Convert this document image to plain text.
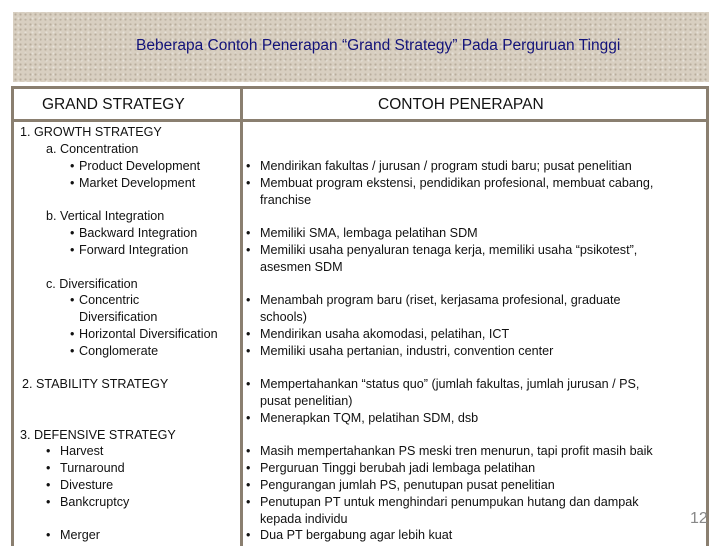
Beberapa Contoh Penerapan “Grand Strategy” Pada Perguruan Tinggi
GRAND STRATEGY	CONTOH PENERAPAN
1. GROWTH STRATEGY
a. Concentration
• Product Development
• Market Development
b. Vertical Integration
• Backward Integration
• Forward Integration
c. Diversification
• Concentric
Diversification
• Horizontal Diversification
• Conglomerate
2. STABILITY STRATEGY
3. DEFENSIVE STRATEGY
• Harvest
• Turnaround
• Divesture
• Bankcruptcy
• Merger
• Mendirikan fakultas / jurusan / program studi baru; pusat penelitian
• Membuat program ekstensi, pendidikan profesional, membuat cabang,
franchise
• Memiliki SMA, lembaga pelatihan SDM
• Memiliki usaha penyaluran tenaga kerja, memiliki usaha “psikotest”,
asesmen SDM
• Menambah program baru (riset, kerjasama profesional, graduate
schools)
• Mendirikan usaha akomodasi, pelatihan, ICT
• Memiliki usaha pertanian, industri, convention center
• Mempertahankan “status quo” (jumlah fakultas, jumlah jurusan / PS,
pusat penelitian)
• Menerapkan TQM, pelatihan SDM, dsb
• Masih mempertahankan PS meski tren menurun, tapi profit masih baik
• Perguruan Tinggi berubah jadi lembaga pelatihan
• Pengurangan jumlah PS, penutupan pusat penelitian
• Penutupan PT untuk menghindari penumpukan hutang dan dampak
kepada individu
• Dua PT bergabung agar lebih kuat
12
